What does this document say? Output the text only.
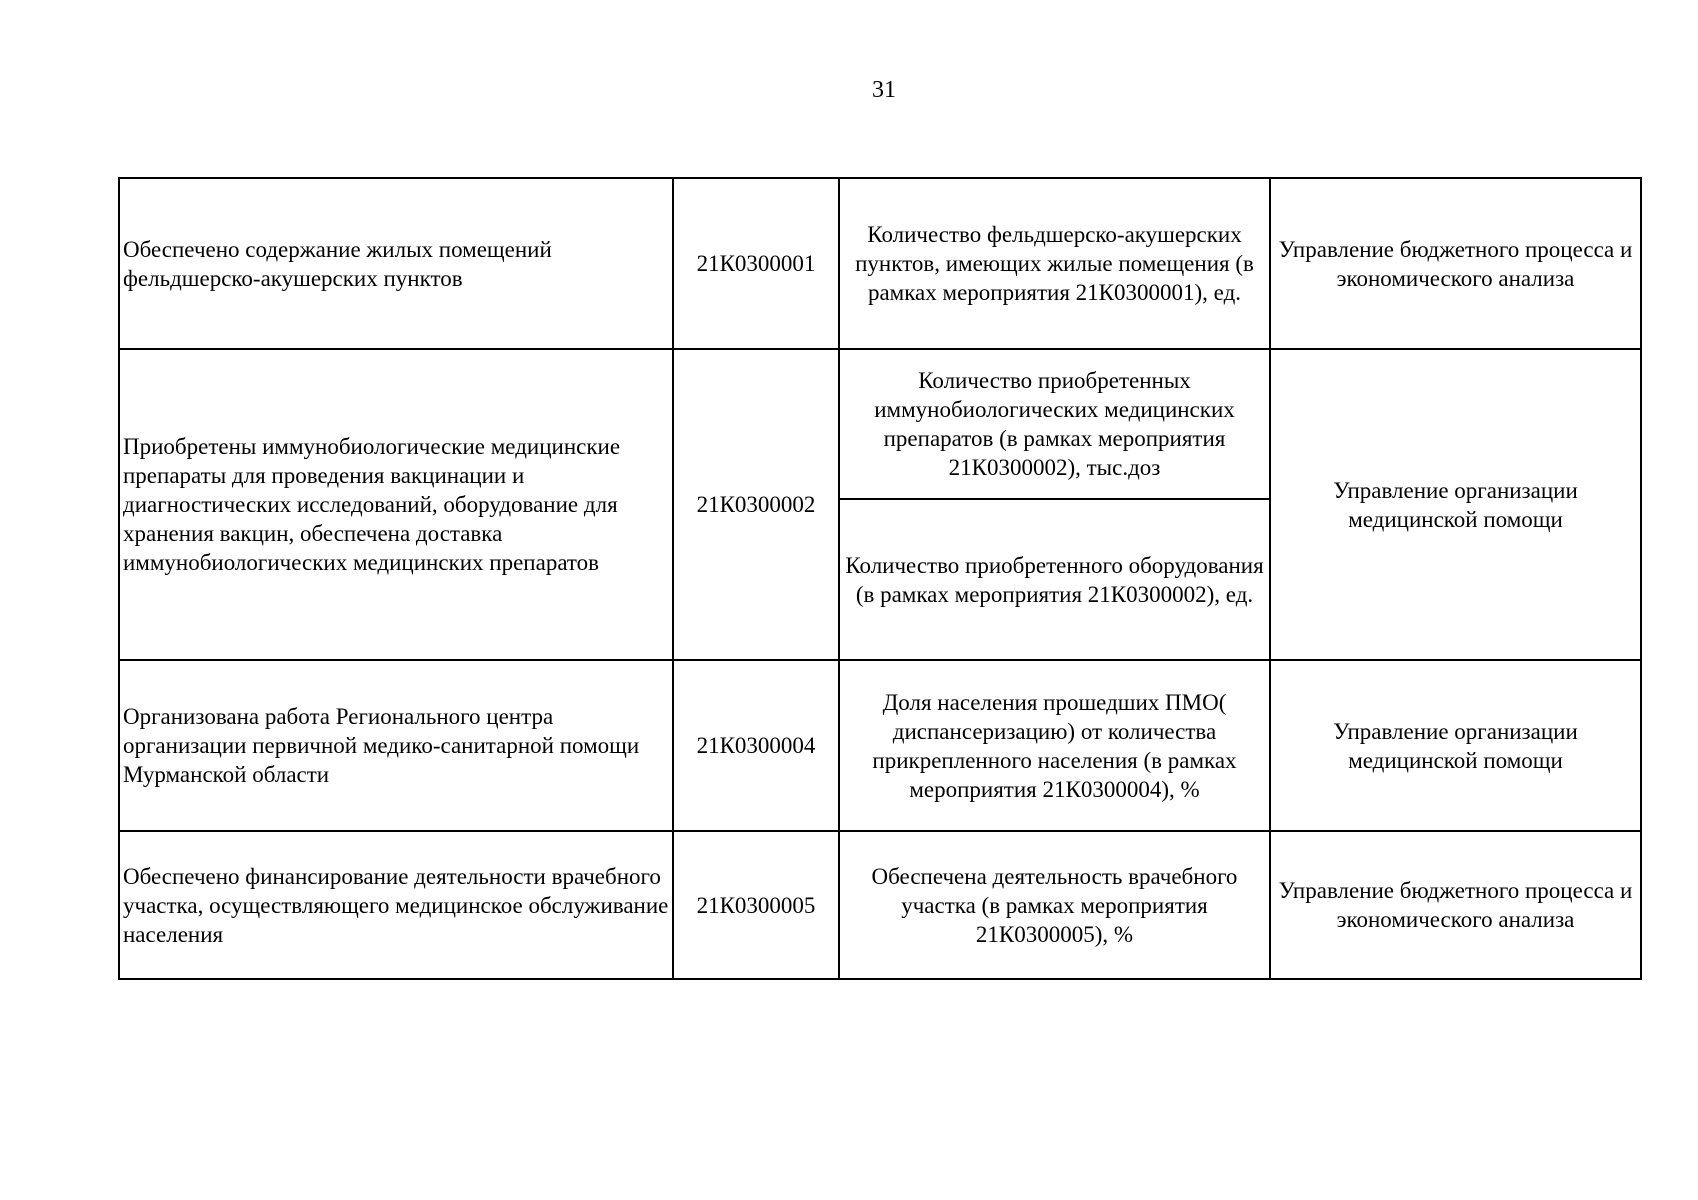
31
Обеспечено содержание жилых помещений фельдшерско-акушерских пунктов	21К0300001	Количество фельдшерско-акушерских пунктов, имеющих жилые помещения (в рамках мероприятия 21К0300001), ед.	Управление бюджетного процесса и экономического анализа
Приобретены иммунобиологические медицинские препараты для проведения вакцинации и диагностических исследований, оборудование для хранения вакцин, обеспечена доставка иммунобиологических медицинских препаратов	21К0300002	Количество приобретенных иммунобиологических медицинских препаратов (в рамках мероприятия 21К0300002), тыс.доз	Управление организации медицинской помощи
		Количество приобретенного оборудования (в рамках мероприятия 21К0300002), ед.	
Организована работа Регионального центра организации первичной медико-санитарной помощи Мурманской области	21К0300004	Доля населения прошедших ПМО( диспансеризацию) от количества прикрепленного населения (в рамках мероприятия 21К0300004), %	Управление организации медицинской помощи
Обеспечено финансирование деятельности врачебного участка, осуществляющего медицинское обслуживание населения	21К0300005	Обеспечена деятельность врачебного участка (в рамках мероприятия 21К0300005), %	Управление бюджетного процесса и экономического анализа
